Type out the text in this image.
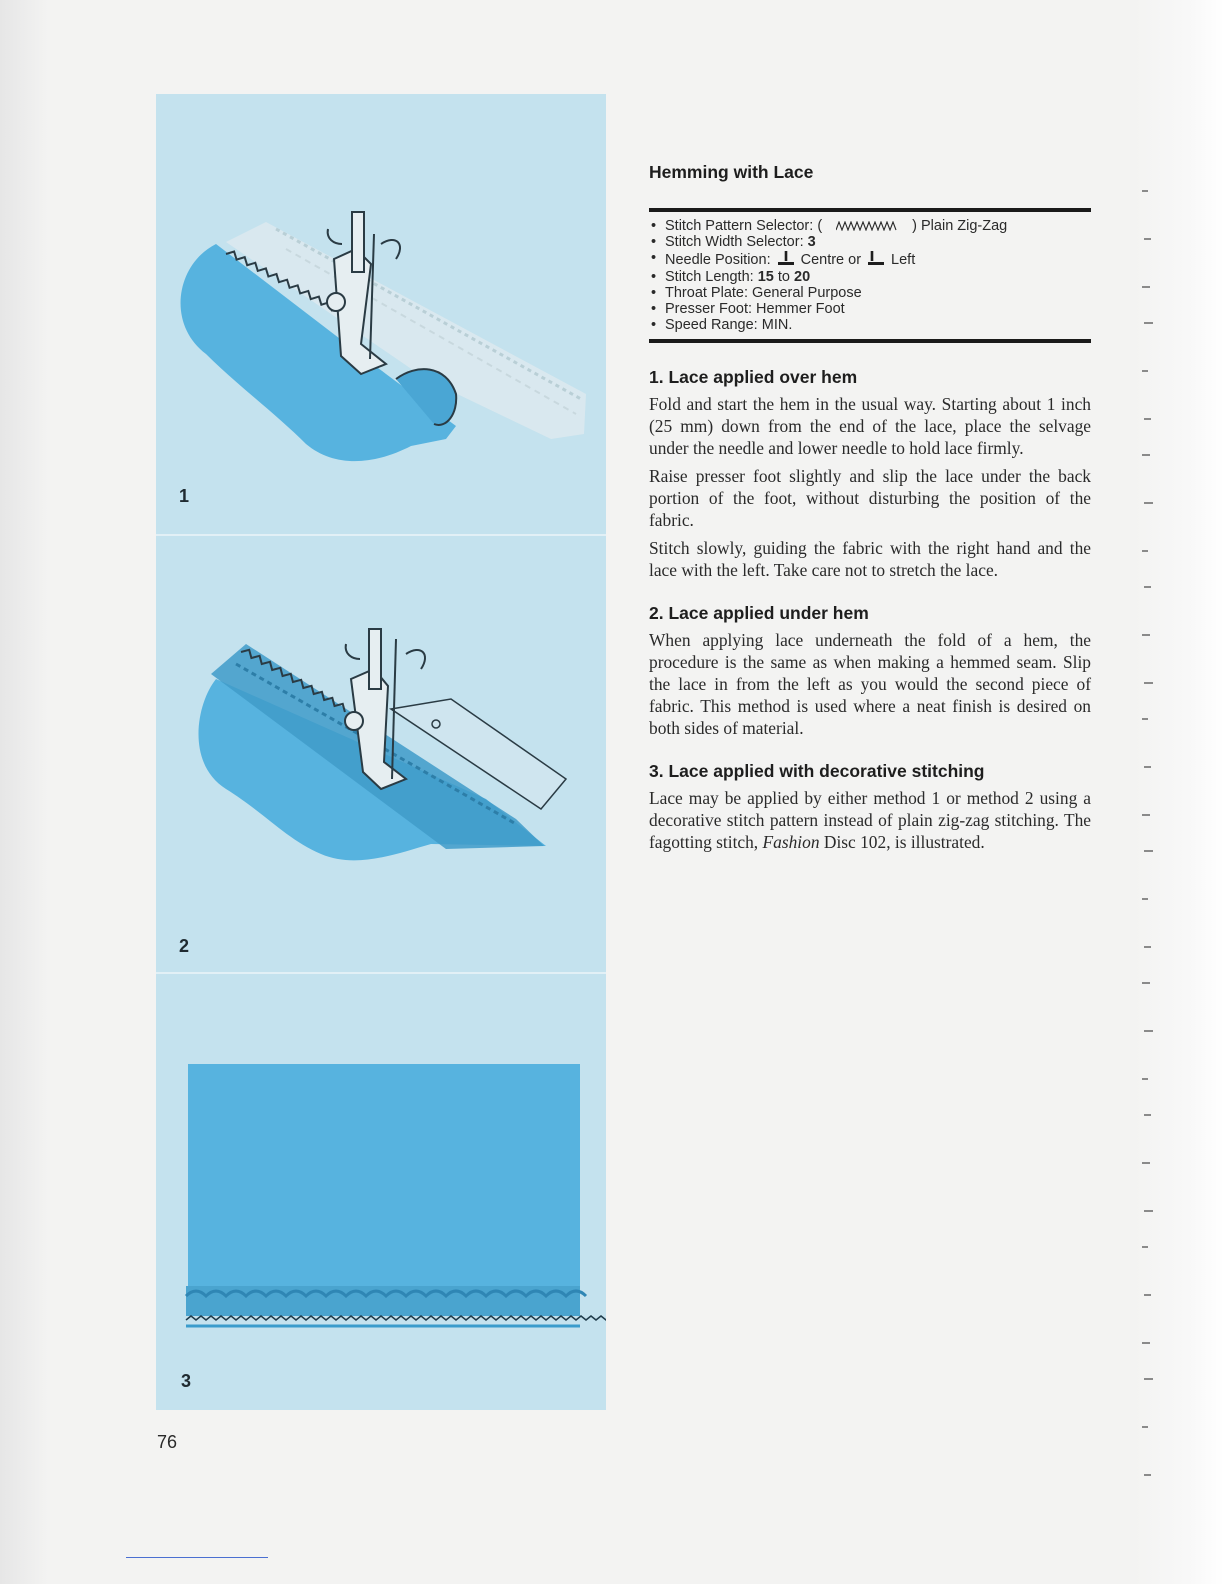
1
2
3
Hemming with Lace
• Stitch Pattern Selector: (	) Plain Zig-Zag
• Stitch Width Selector: 3
• Needle Position: Centre or Left
• Stitch Length: 15 to 20
• Throat Plate: General Purpose
• Presser Foot: Hemmer Foot
• Speed Range: MIN.
1. Lace applied over hem

Fold and start the hem in the usual way. Starting about 1 inch (25 mm) down from the end of the lace, place the selvage under the needle and lower needle to hold lace firmly.

Raise presser foot slightly and slip the lace under the back portion of the foot, without disturbing the position of the fabric.

Stitch slowly, guiding the fabric with the right hand and the lace with the left. Take care not to stretch the lace.

2. Lace applied under hem

When applying lace underneath the fold of a hem, the procedure is the same as when making a hemmed seam. Slip the lace in from the left as you would the second piece of fabric. This method is used where a neat finish is desired on both sides of material.

3. Lace applied with decorative stitching

Lace may be applied by either method 1 or method 2 using a decorative stitch pattern instead of plain zig-zag stitching. The fagotting stitch, Fashion Disc 102, is illustrated.

76
